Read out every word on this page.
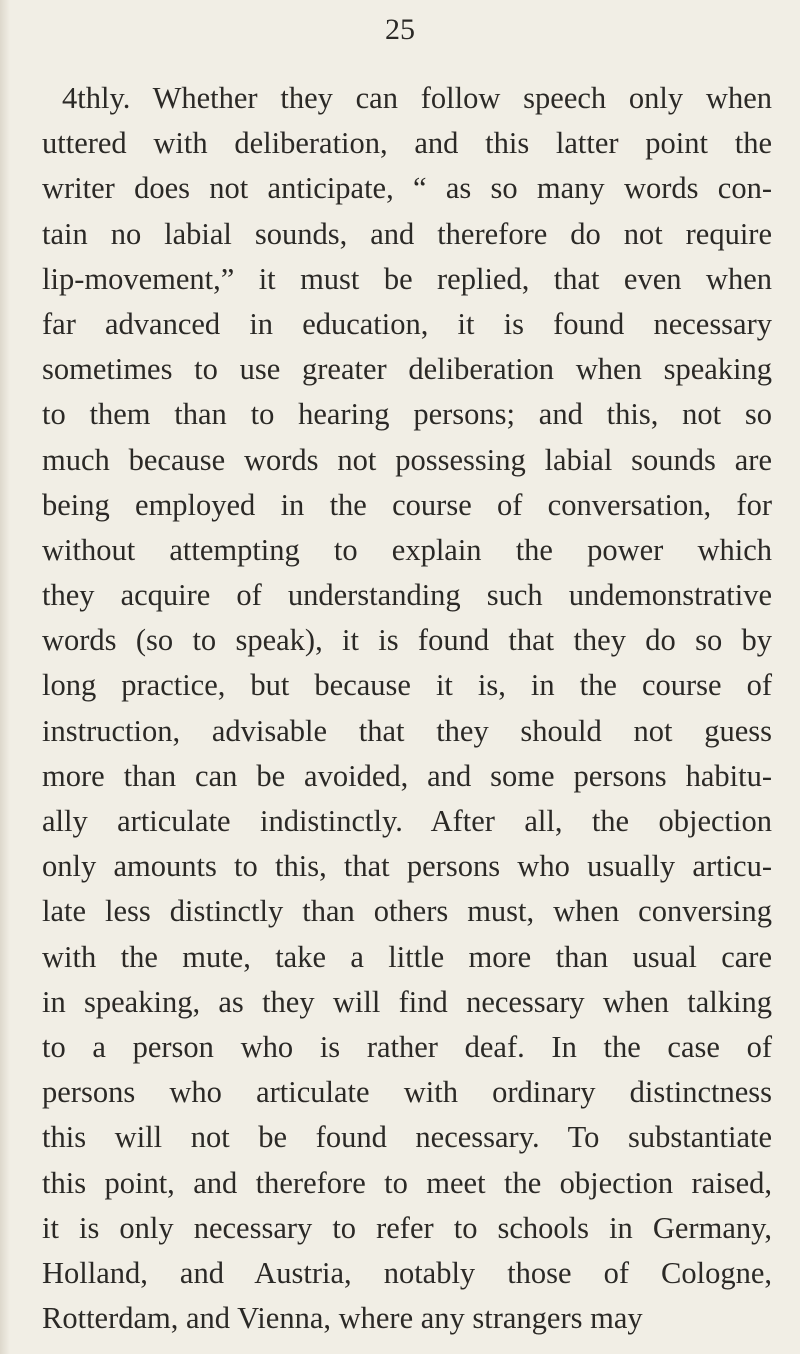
25
4thly. Whether they can follow speech only when
uttered with deliberation, and this latter point the
writer does not anticipate, “ as so many words con-
tain no labial sounds, and therefore do not require
lip-movement,” it must be replied, that even when
far advanced in education, it is found necessary
sometimes to use greater deliberation when speaking
to them than to hearing persons; and this, not so
much because words not possessing labial sounds are
being employed in the course of conversation, for
without attempting to explain the power which
they acquire of understanding such undemonstrative
words (so to speak), it is found that they do so by
long practice, but because it is, in the course of
instruction, advisable that they should not guess
more than can be avoided, and some persons habitu-
ally articulate indistinctly. After all, the objection
only amounts to this, that persons who usually articu-
late less distinctly than others must, when conversing
with the mute, take a little more than usual care
in speaking, as they will find necessary when talking
to a person who is rather deaf. In the case of
persons who articulate with ordinary distinctness
this will not be found necessary. To substantiate
this point, and therefore to meet the objection raised,
it is only necessary to refer to schools in Germany,
Holland, and Austria, notably those of Cologne,
Rotterdam, and Vienna, where any strangers may
